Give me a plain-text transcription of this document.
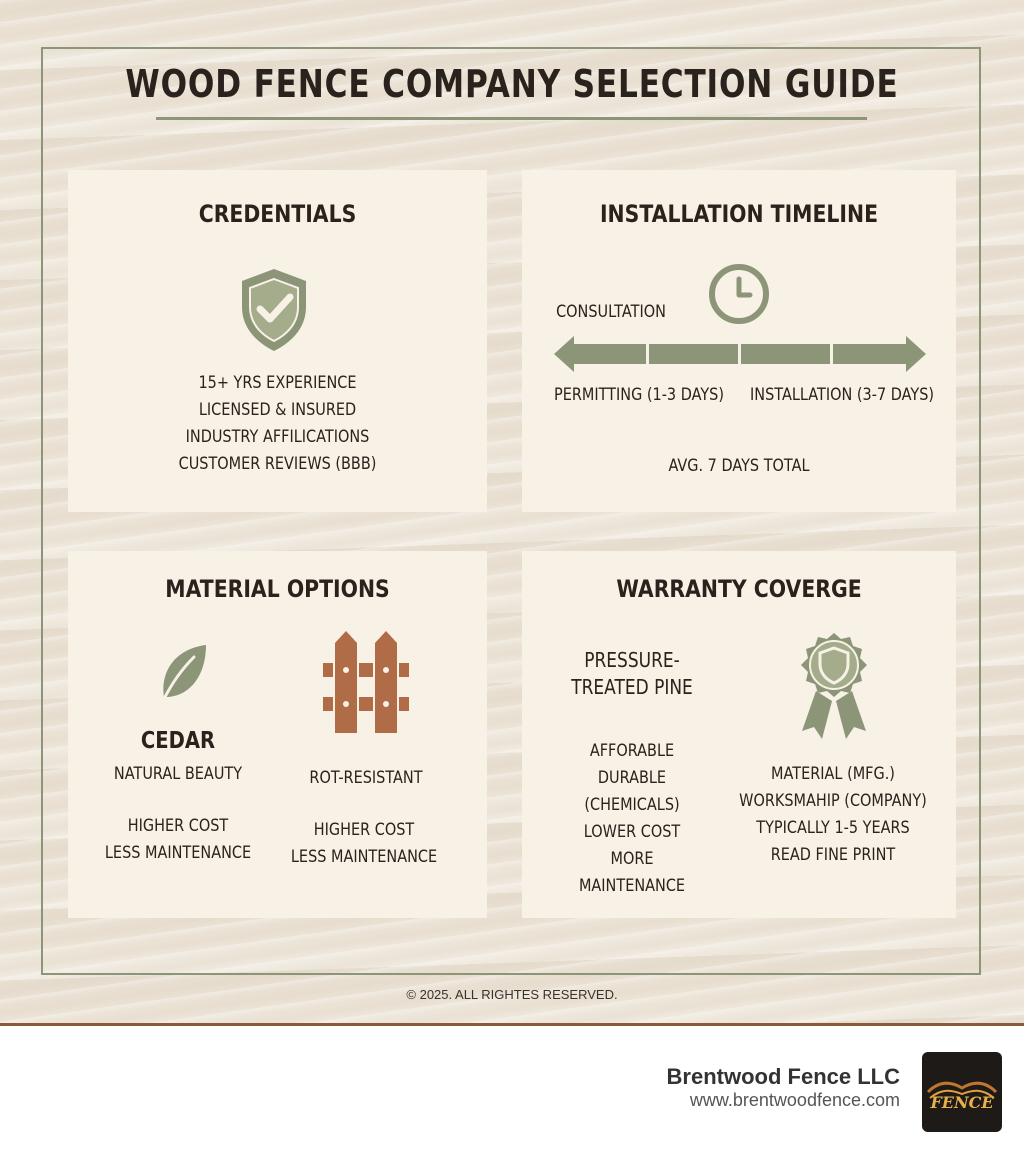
WOOD FENCE COMPANY SELECTION GUIDE
CREDENTIALS
15+ YRS EXPERIENCE
LICENSED & INSURED
INDUSTRY AFFILICATIONS
CUSTOMER REVIEWS (BBB)
INSTALLATION TIMELINE
CONSULTATION
PERMITTING (1-3 DAYS) INSTALLATION (3-7 DAYS)
AVG. 7 DAYS TOTAL
MATERIAL OPTIONS
CEDAR
NATURAL BEAUTY
HIGHER COST
LESS MAINTENANCE
ROT-RESISTANT
HIGHER COST
LESS MAINTENANCE
WARRANTY COVERGE
PRESSURE-
TREATED PINE
AFFORABLE
DURABLE
(CHEMICALS)
LOWER COST
MORE MAINTENANCE
MATERIAL (MFG.)
WORKSMAHIP (COMPANY)
TYPICALLY 1-5 YEARS
READ FINE PRINT
© 2025. ALL RIGHTES RESERVED.
Brentwood Fence LLC
www.brentwoodfence.com FENCE
